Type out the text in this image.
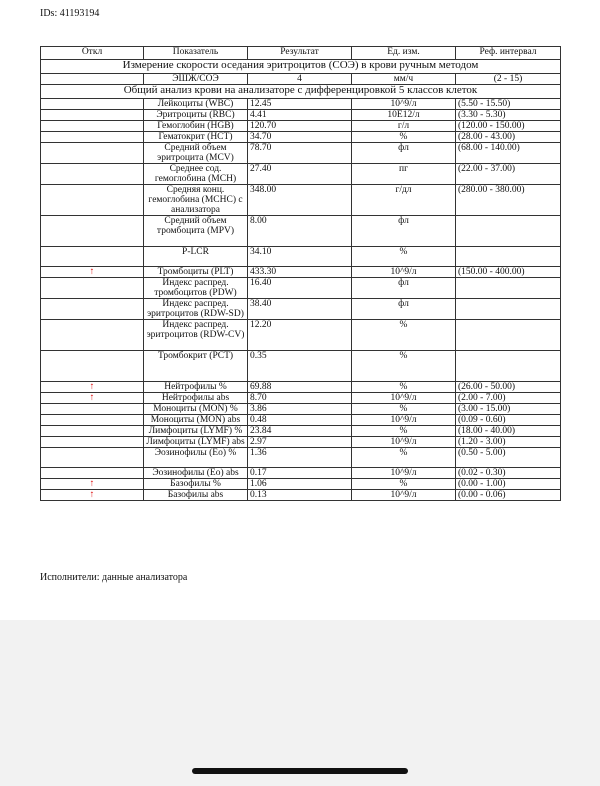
IDs: 41193194
Откл	Показатель	Результат	Ед. изм.	Реф. интервал
Измерение скорости оседания эритроцитов (СОЭ) в крови ручным методом				
	ЭШЖ/СОЭ	4	мм/ч	(2 - 15)
Общий анализ крови на анализаторе с дифференцировкой 5 классов клеток				
	Лейкоциты (WBC)	12.45	10^9/л	(5.50 - 15.50)
	Эритроциты (RBC)	4.41	10E12/л	(3.30 - 5.30)
	Гемоглобин (HGB)	120.70	г/л	(120.00 - 150.00)
	Гематокрит (HCT)	34.70	%	(28.00 - 43.00)
	Средний объем эритроцита (MCV)	78.70	фл	(68.00 - 140.00)
	Среднее сод. гемоглобина (MCH)	27.40	пг	(22.00 - 37.00)
	Средняя конц. гемоглобина (MCHC) с анализатора	348.00	г/дл	(280.00 - 380.00)
	Средний объем тромбоцита (MPV)	8.00	фл	
	P-LCR	34.10	%	
↑	Тромбоциты (PLT)	433.30	10^9/л	(150.00 - 400.00)
	Индекс распред. тромбоцитов (PDW)	16.40	фл	
	Индекс распред. эритроцитов (RDW-SD)	38.40	фл	
	Индекс распред. эритроцитов (RDW-CV)	12.20	%	
	Тромбокрит (PCT)	0.35	%	
↑	Нейтрофилы %	69.88	%	(26.00 - 50.00)
↑	Нейтрофилы abs	8.70	10^9/л	(2.00 - 7.00)
	Моноциты (MON) %	3.86	%	(3.00 - 15.00)
	Моноциты (MON) abs	0.48	10^9/л	(0.09 - 0.60)
	Лимфоциты (LYMF) %	23.84	%	(18.00 - 40.00)
	Лимфоциты (LYMF) abs	2.97	10^9/л	(1.20 - 3.00)
	Эозинофилы (Eo) %	1.36	%	(0.50 - 5.00)
	Эозинофилы (Eo) abs	0.17	10^9/л	(0.02 - 0.30)
↑	Базофилы %	1.06	%	(0.00 - 1.00)
↑	Базофилы abs	0.13	10^9/л	(0.00 - 0.06)
Исполнители: данные анализатора
